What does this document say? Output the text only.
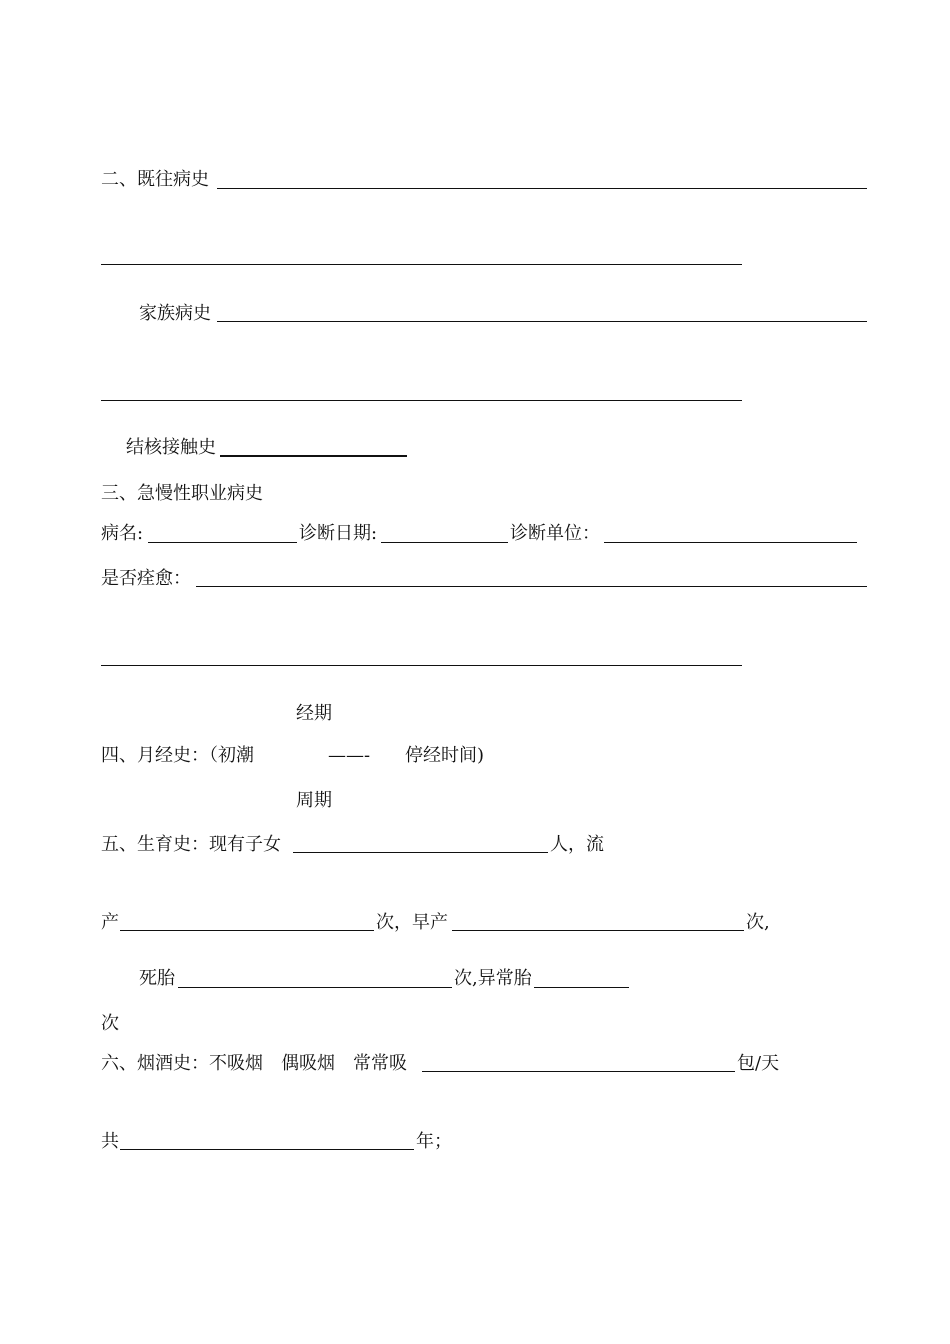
二、既往病史
家族病史
结核接触史
三、急慢性职业病史
病名:	诊断日期:	诊断单位：
是否痊愈：
经期
四、月经史：（初潮	——- 停经时间)
周期
五、生育史：现有子女	人，流
产	次，早产	次,
死胎	次,异常胎
次
六、烟酒史：不吸烟　偶吸烟　常常吸	包/天
共	年；
